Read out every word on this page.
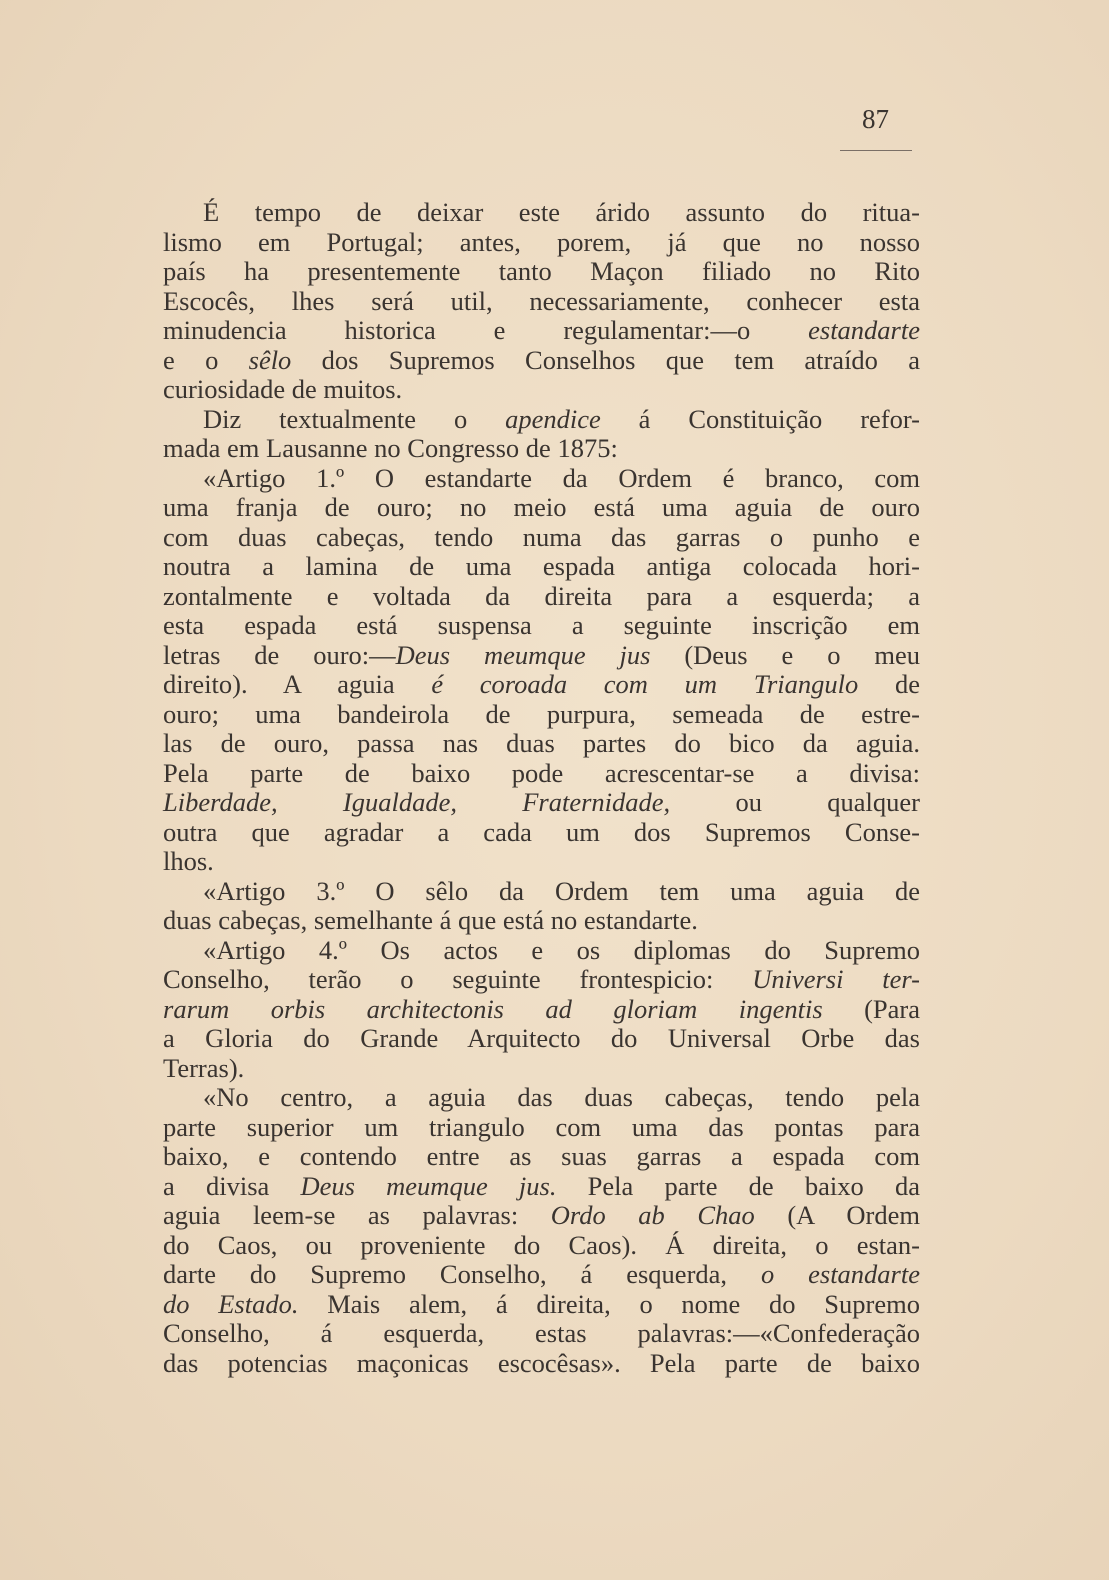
87
É tempo de deixar este árido assunto do ritua-
lismo em Portugal; antes, porem, já que no nosso
país ha presentemente tanto Maçon filiado no Rito
Escocês, lhes será util, necessariamente, conhecer esta
minudencia historica e regulamentar:—o estandarte
e o sêlo dos Supremos Conselhos que tem atraído a
curiosidade de muitos.
Diz textualmente o apendice á Constituição refor-
mada em Lausanne no Congresso de 1875:
«Artigo 1.º O estandarte da Ordem é branco, com
uma franja de ouro; no meio está uma aguia de ouro
com duas cabeças, tendo numa das garras o punho e
noutra a lamina de uma espada antiga colocada hori-
zontalmente e voltada da direita para a esquerda; a
esta espada está suspensa a seguinte inscrição em
letras de ouro:—Deus meumque jus (Deus e o meu
direito). A aguia é coroada com um Triangulo de
ouro; uma bandeirola de purpura, semeada de estre-
las de ouro, passa nas duas partes do bico da aguia.
Pela parte de baixo pode acrescentar-se a divisa:
Liberdade, Igualdade, Fraternidade, ou qualquer
outra que agradar a cada um dos Supremos Conse-
lhos.
«Artigo 3.º O sêlo da Ordem tem uma aguia de
duas cabeças, semelhante á que está no estandarte.
«Artigo 4.º Os actos e os diplomas do Supremo
Conselho, terão o seguinte frontespicio: Universi ter-
rarum orbis architectonis ad gloriam ingentis (Para
a Gloria do Grande Arquitecto do Universal Orbe das
Terras).
«No centro, a aguia das duas cabeças, tendo pela
parte superior um triangulo com uma das pontas para
baixo, e contendo entre as suas garras a espada com
a divisa Deus meumque jus. Pela parte de baixo da
aguia leem-se as palavras: Ordo ab Chao (A Ordem
do Caos, ou proveniente do Caos). Á direita, o estan-
darte do Supremo Conselho, á esquerda, o estandarte
do Estado. Mais alem, á direita, o nome do Supremo
Conselho, á esquerda, estas palavras:—«Confederação
das potencias maçonicas escocêsas». Pela parte de baixo
